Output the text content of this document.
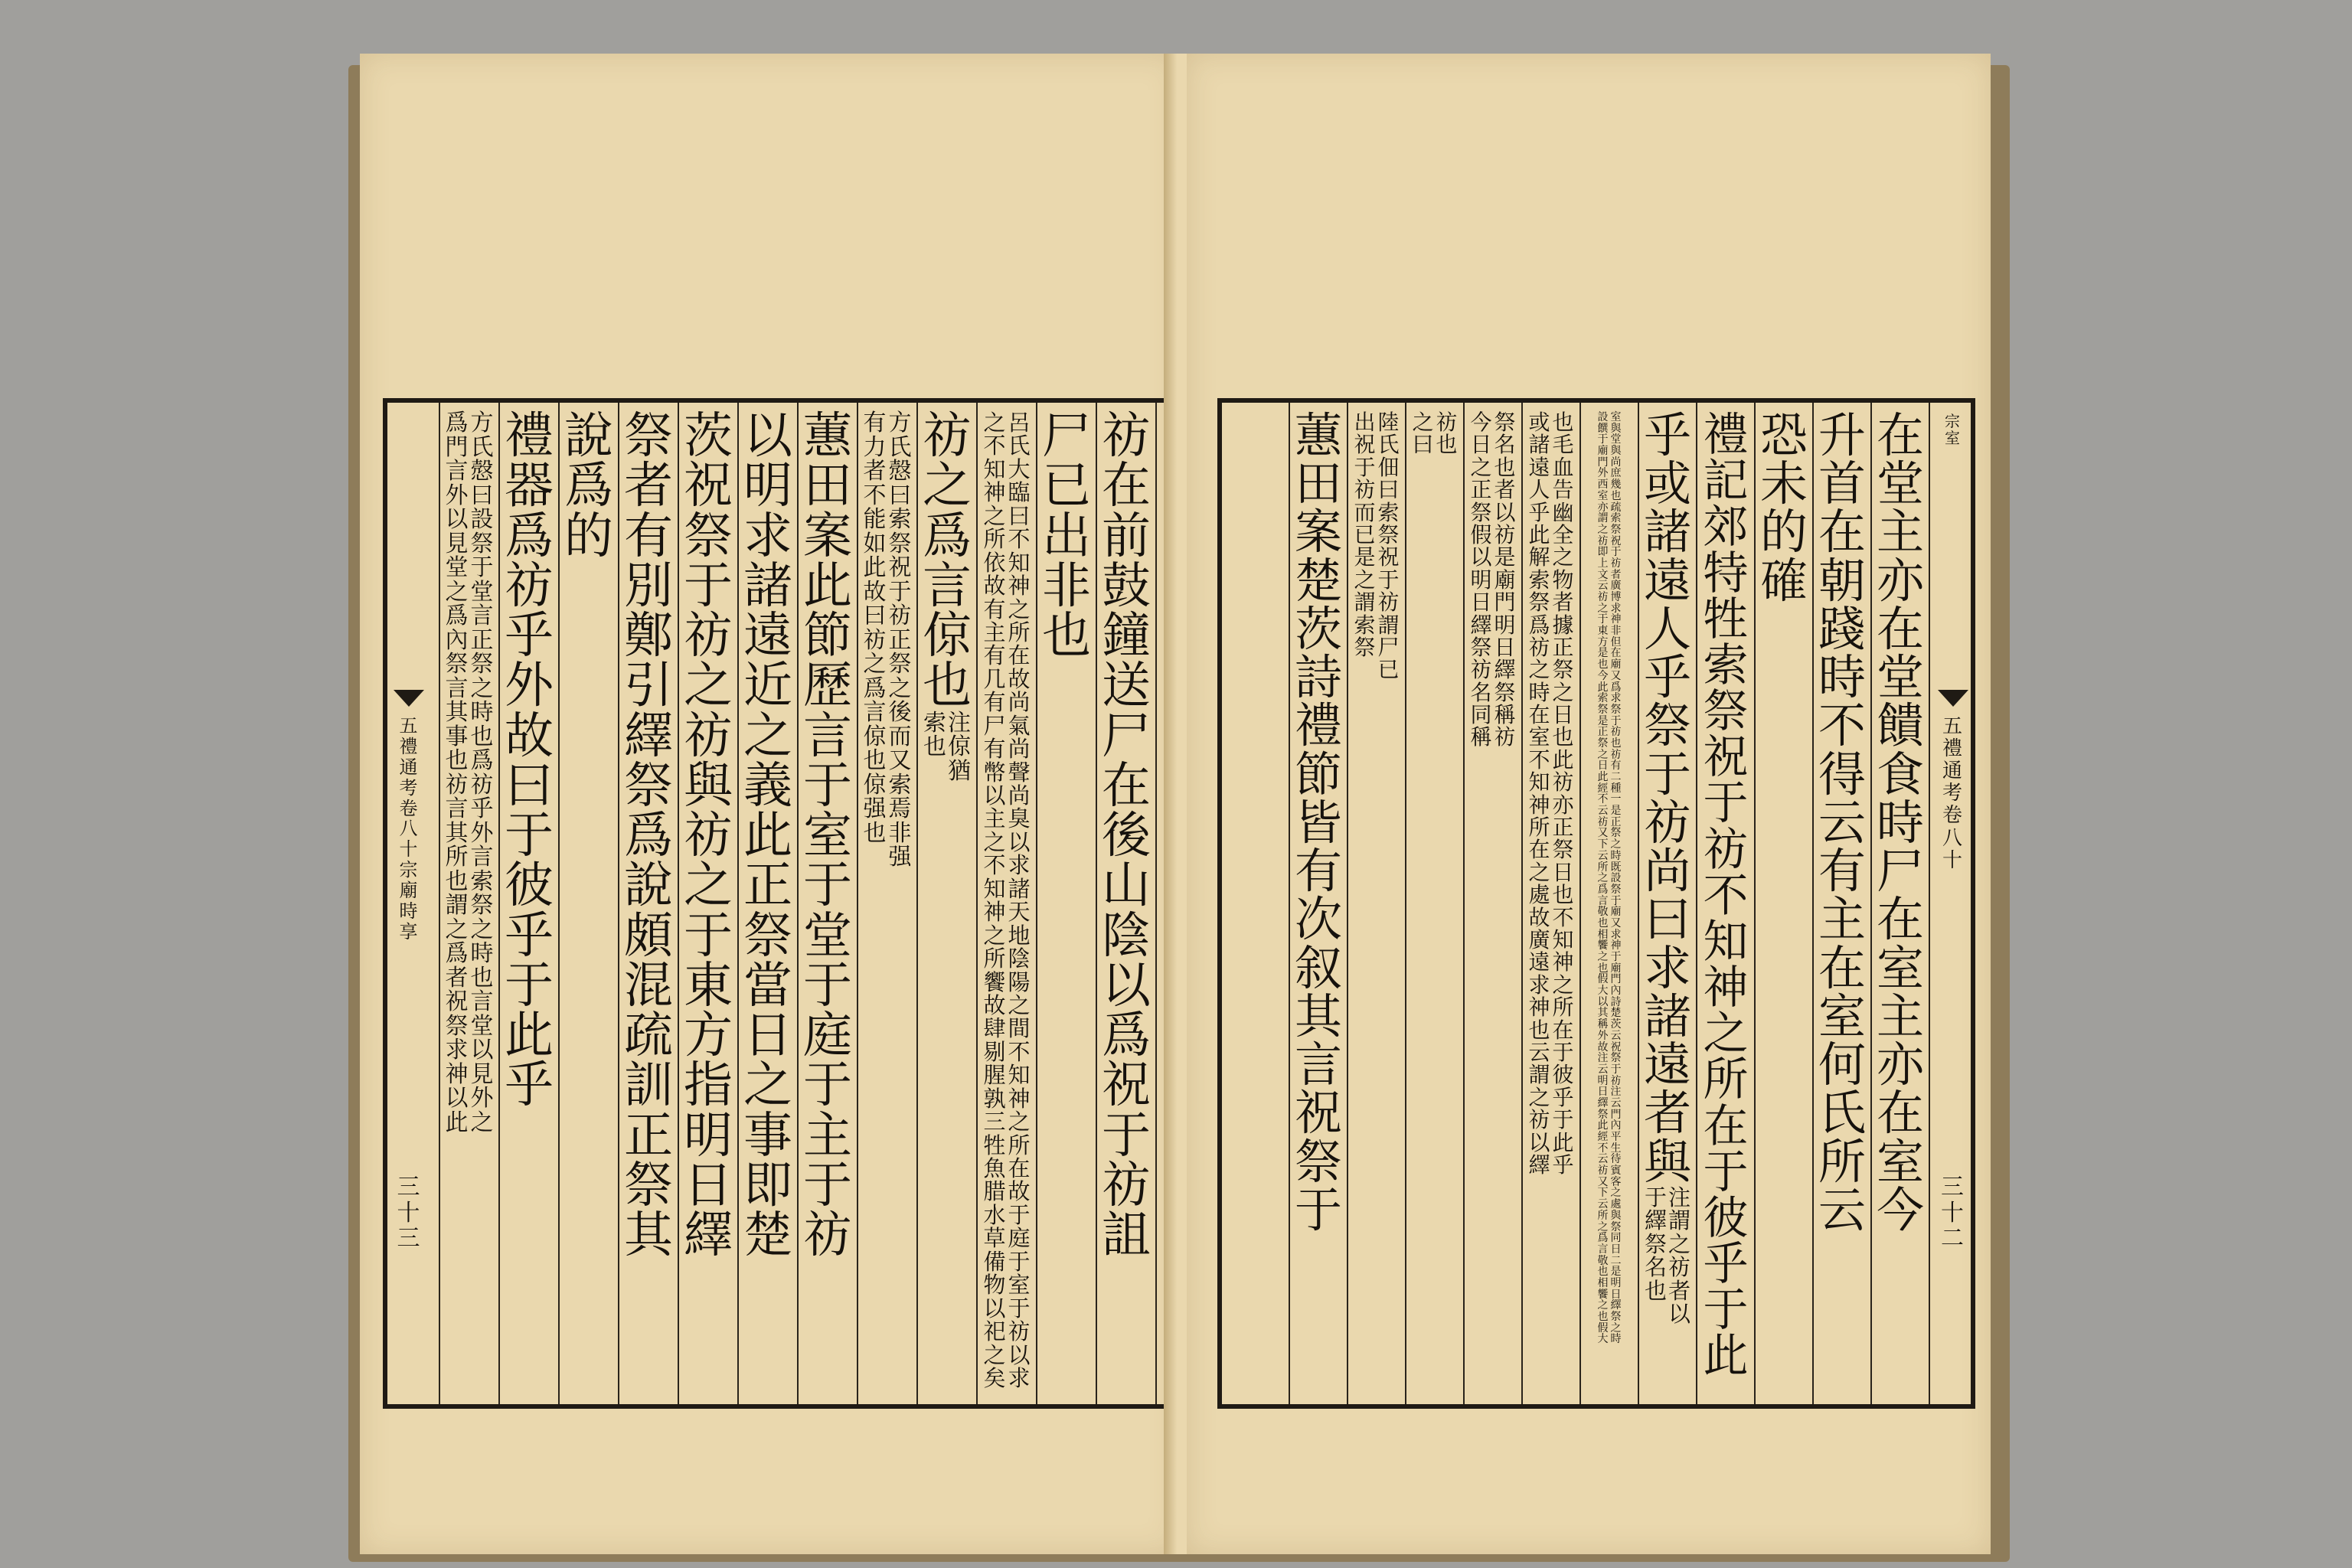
五
禮
通
考
卷
八
十
宗
廟
時
享
三
十
三
祊
在
前
鼓
鐘
送
尸
在
後
山
陰
以
爲
祝
于
祊
詛
尸
已
出
非
也
呂
氏
大
臨
曰
不
知
神
之
所
在
故
尚
氣
尚
聲
尚
臭
以
求
諸
天
地
陰
陽
之
間
不
知
神
之
所
在
故
于
庭
于
室
于
祊
以
求
之
不
知
神
之
所
依
故
有
主
有
几
有
尸
有
幣
以
主
之
不
知
神
之
所
饗
故
肆
剔
腥
孰
三
牲
魚
腊
水
草
備
物
以
祀
之
矣
祊
之
爲
言
倞
也
注
倞
猶
索
也
方
氏
慤
曰
索
祭
祝
于
祊
正
祭
之
後
而
又
索
焉
非
强
有
力
者
不
能
如
此
故
曰
祊
之
爲
言
倞
也
倞
强
也
蕙
田
案
此
節
歷
言
于
室
于
堂
于
庭
于
主
于
祊
以
明
求
諸
遠
近
之
義
此
正
祭
當
日
之
事
即
楚
茨
祝
祭
于
祊
之
祊
與
祊
之
于
東
方
指
明
日
繹
祭
者
有
別
鄭
引
繹
祭
爲
說
頗
混
疏
訓
正
祭
其
說
爲
的
禮
器
爲
祊
乎
外
故
曰
于
彼
乎
于
此
乎
方
氏
慤
曰
設
祭
于
堂
言
正
祭
之
時
也
爲
祊
乎
外
言
索
祭
之
時
也
言
堂
以
見
外
之
爲
門
言
外
以
見
堂
之
爲
內
祭
言
其
事
也
祊
言
其
所
也
謂
之
爲
者
祝
祭
求
神
以
此
宗
室
五
禮
通
考
卷
八
十
三
十
二
在
堂
主
亦
在
堂
饋
食
時
尸
在
室
主
亦
在
室
今
升
首
在
朝
踐
時
不
得
云
有
主
在
室
何
氏
所
云
恐
未
的
確
禮
記
郊
特
牲
索
祭
祝
于
祊
不
知
神
之
所
在
于
彼
乎
于
此
乎
或
諸
遠
人
乎
祭
于
祊
尚
曰
求
諸
遠
者
與
注
謂
之
祊
者
以
于
繹
祭
名
也
室
與
堂
與
尚
庶
幾
也
疏
索
祭
祝
于
祊
者
廣
博
求
神
非
但
在
廟
又
爲
求
祭
于
祊
也
祊
有
二
種
一
是
正
祭
之
時
既
設
祭
于
廟
又
求
神
于
廟
門
內
詩
楚
茨
云
祝
祭
于
祊
注
云
門
內
平
生
待
賓
客
之
處
與
祭
同
日
二
是
明
日
繹
祭
之
時
設
饌
于
廟
門
外
西
室
亦
謂
之
祊
即
上
文
云
祊
之
于
東
方
是
也
今
此
索
祭
是
正
祭
之
日
此
經
不
云
祊
又
下
云
所
之
爲
言
敬
也
相
饗
之
也
假
大
以
其
稱
外
故
注
云
明
日
繹
祭
此
經
不
云
祊
又
下
云
所
之
爲
言
敬
也
相
饗
之
也
假
大
也
毛
血
告
幽
全
之
物
者
據
正
祭
之
日
也
此
祊
亦
正
祭
日
也
不
知
神
之
所
在
于
彼
乎
于
此
乎
或
諸
遠
人
乎
此
解
索
祭
爲
祊
之
時
在
室
不
知
神
所
在
之
處
故
廣
遠
求
神
也
云
謂
之
祊
以
繹
祭
名
也
者
以
祊
是
廟
門
明
日
繹
祭
稱
祊
今
日
之
正
祭
假
以
明
日
繹
祭
祊
名
同
稱
祊
也
之
曰
陸
氏
佃
曰
索
祭
祝
于
祊
謂
尸
已
出
祝
于
祊
而
已
是
之
謂
索
祭
蕙
田
案
楚
茨
詩
禮
節
皆
有
次
叙
其
言
祝
祭
于
